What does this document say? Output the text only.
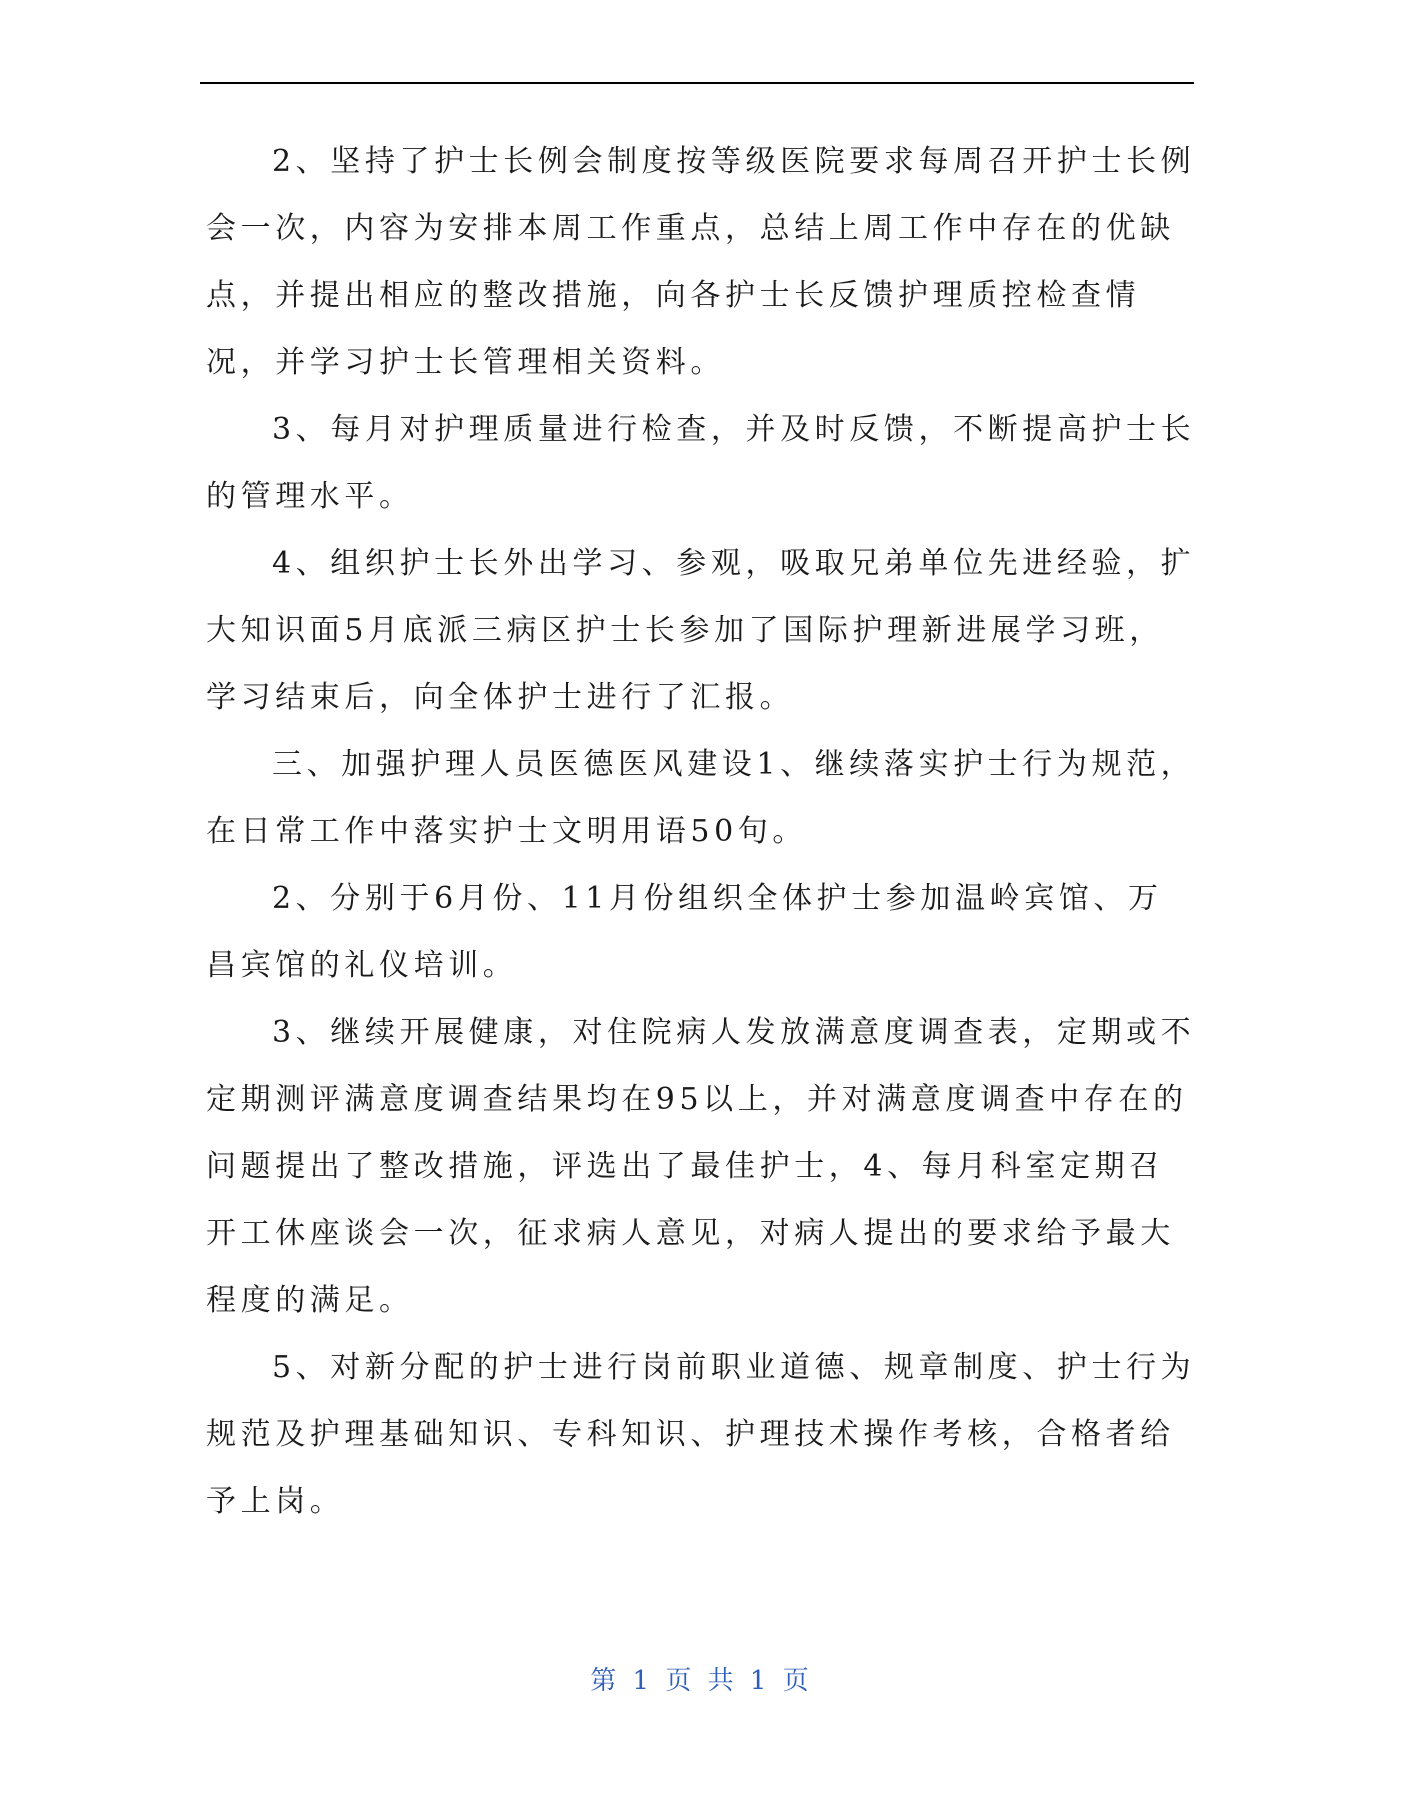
2、坚持了护士长例会制度按等级医院要求每周召开护士长例会一次，内容为安排本周工作重点，总结上周工作中存在的优缺点，并提出相应的整改措施，向各护士长反馈护理质控检查情况，并学习护士长管理相关资料。

3、每月对护理质量进行检查，并及时反馈，不断提高护士长的管理水平。

4、组织护士长外出学习、参观，吸取兄弟单位先进经验，扩大知识面5月底派三病区护士长参加了国际护理新进展学习班，学习结束后，向全体护士进行了汇报。

三、加强护理人员医德医风建设1、继续落实护士行为规范，在日常工作中落实护士文明用语50句。

2、分别于6月份、11月份组织全体护士参加温岭宾馆、万昌宾馆的礼仪培训。

3、继续开展健康，对住院病人发放满意度调查表，定期或不定期测评满意度调查结果均在95以上，并对满意度调查中存在的问题提出了整改措施，评选出了最佳护士，4、每月科室定期召开工休座谈会一次，征求病人意见，对病人提出的要求给予最大程度的满足。

5、对新分配的护士进行岗前职业道德、规章制度、护士行为规范及护理基础知识、专科知识、护理技术操作考核，合格者给予上岗。

第 1 页 共 1 页
